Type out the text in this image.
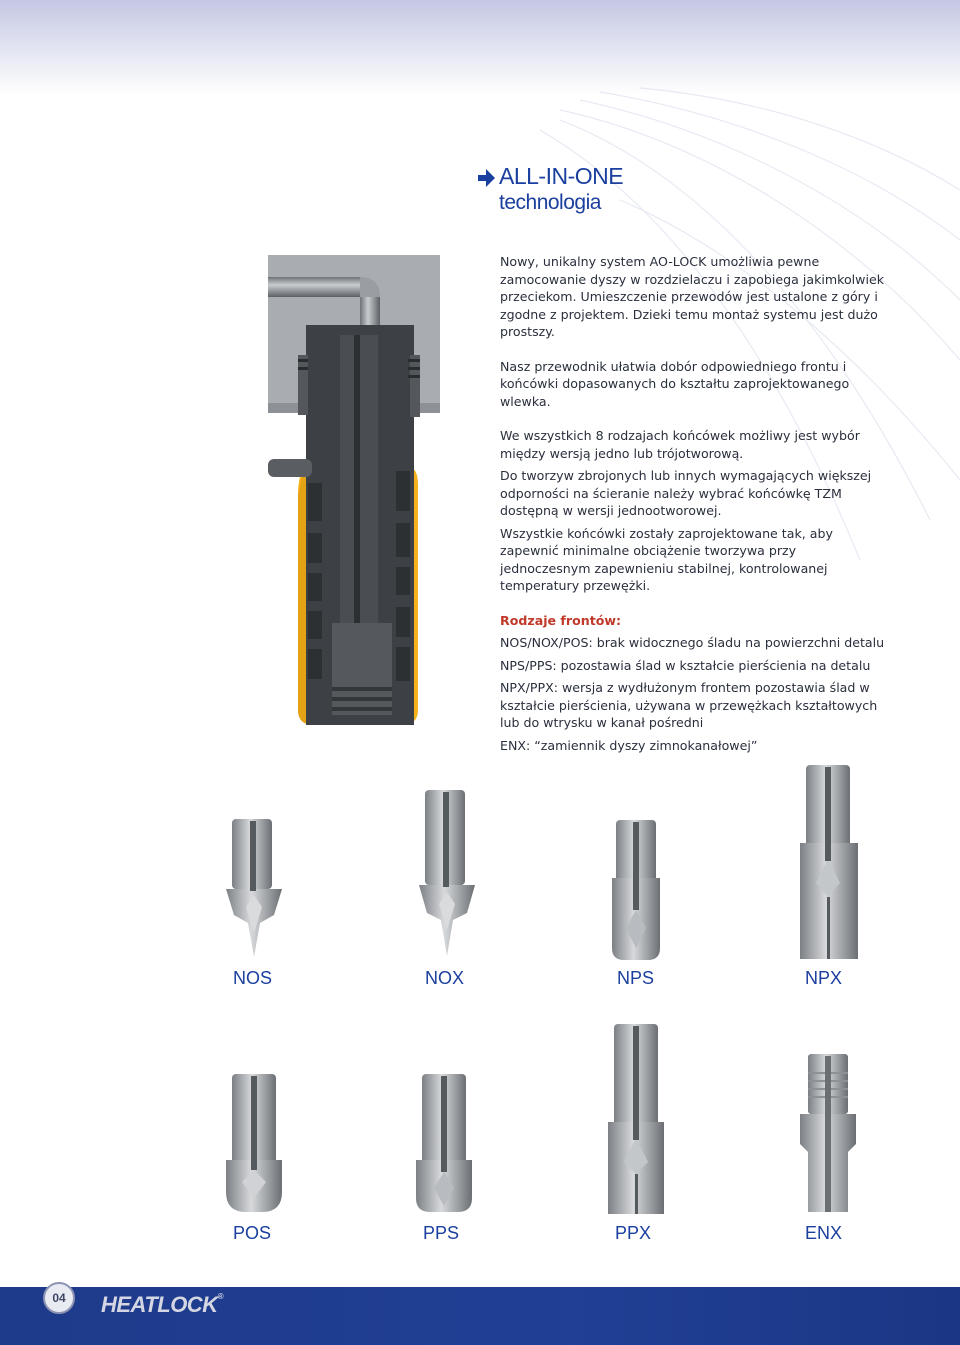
ALL-IN-ONE
technologia
Nowy, unikalny system AO-LOCK umożliwia pewne zamocowanie dyszy w rozdzielaczu i zapobiega jakimkolwiek przeciekom. Umieszczenie przewodów jest ustalone z góry i zgodne z projektem. Dzieki temu montaż systemu jest dużo prostszy.
Nasz przewodnik ułatwia dobór odpowiedniego frontu i końcówki dopasowanych do kształtu zaprojektowanego wlewka.
We wszystkich 8 rodzajach końcówek możliwy jest wybór między wersją jedno lub trójotworową.
Do tworzyw zbrojonych lub innych wymagających większej odporności na ścieranie należy wybrać końcówkę TZM dostępną w wersji jednootworowej.
Wszystkie końcówki zostały zaprojektowane tak, aby zapewnić minimalne obciążenie tworzywa przy jednoczesnym zapewnieniu stabilnej, kontrolowanej temperatury przewężki.
Rodzaje frontów:
NOS/NOX/POS: brak widocznego śladu na powierzchni detalu
NPS/PPS: pozostawia ślad w kształcie pierścienia na detalu
NPX/PPX: wersja z wydłużonym frontem pozostawia ślad w kształcie pierścienia, używana w przewężkach kształtowych lub do wtrysku w kanał pośredni
ENX: “zamiennik dyszy zimnokanałowej”
NOS	NOX	NPS	NPX
POS	PPS	PPX	ENX
04	HEATLOCK®
